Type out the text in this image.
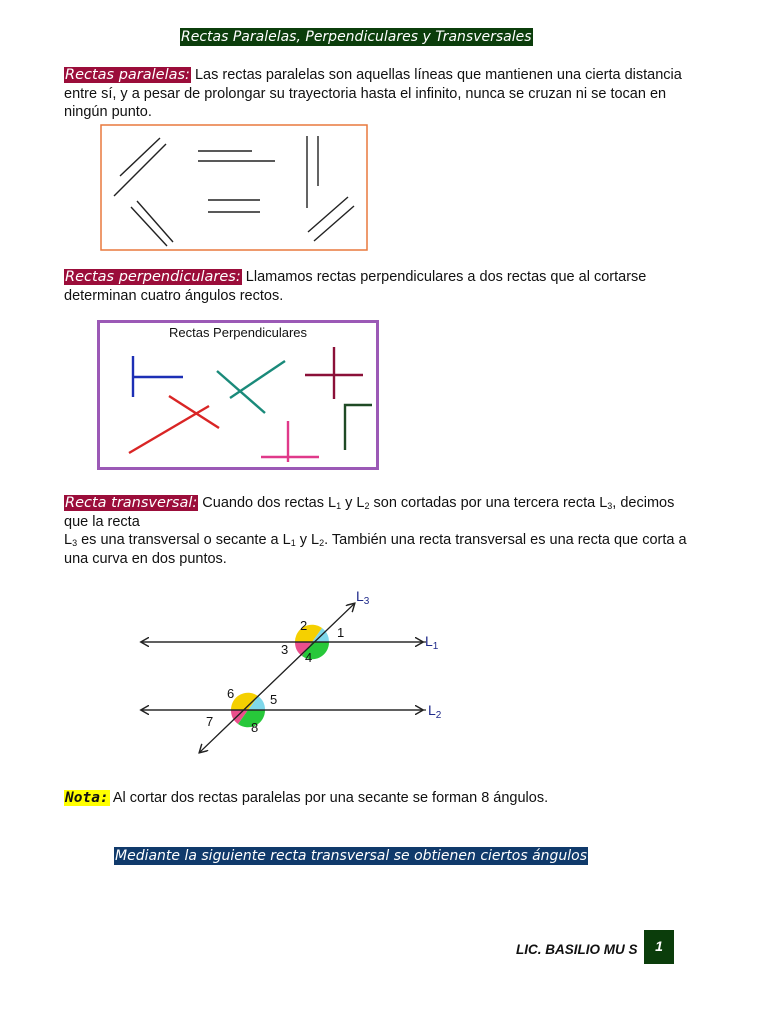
Rectas Paralelas, Perpendiculares y Transversales
Rectas paralelas: Las rectas paralelas son aquellas líneas que mantienen una cierta distancia entre sí, y a pesar de prolongar su trayectoria hasta el infinito, nunca se cruzan ni se tocan en ningún punto.
Rectas perpendiculares: Llamamos rectas perpendiculares a dos rectas que al cortarse determinan cuatro ángulos rectos.
Rectas Perpendiculares
Recta transversal: Cuando dos rectas $L_1$ y $L_2$ son cortadas por una tercera recta $L_3$, decimos que la recta
$L_3$ es una transversal o secante a $L_1$ y $L_2$. También una recta transversal es una recta que corta a una curva en dos puntos.
$L_3$
$L_1$
$L_2$
1
2
3
4
5
6
7	8
Nota: Al cortar dos rectas paralelas por una secante se forman 8 ángulos.
Mediante la siguiente recta transversal se obtienen ciertos ángulos
LIC. BASILIO MU S	1
